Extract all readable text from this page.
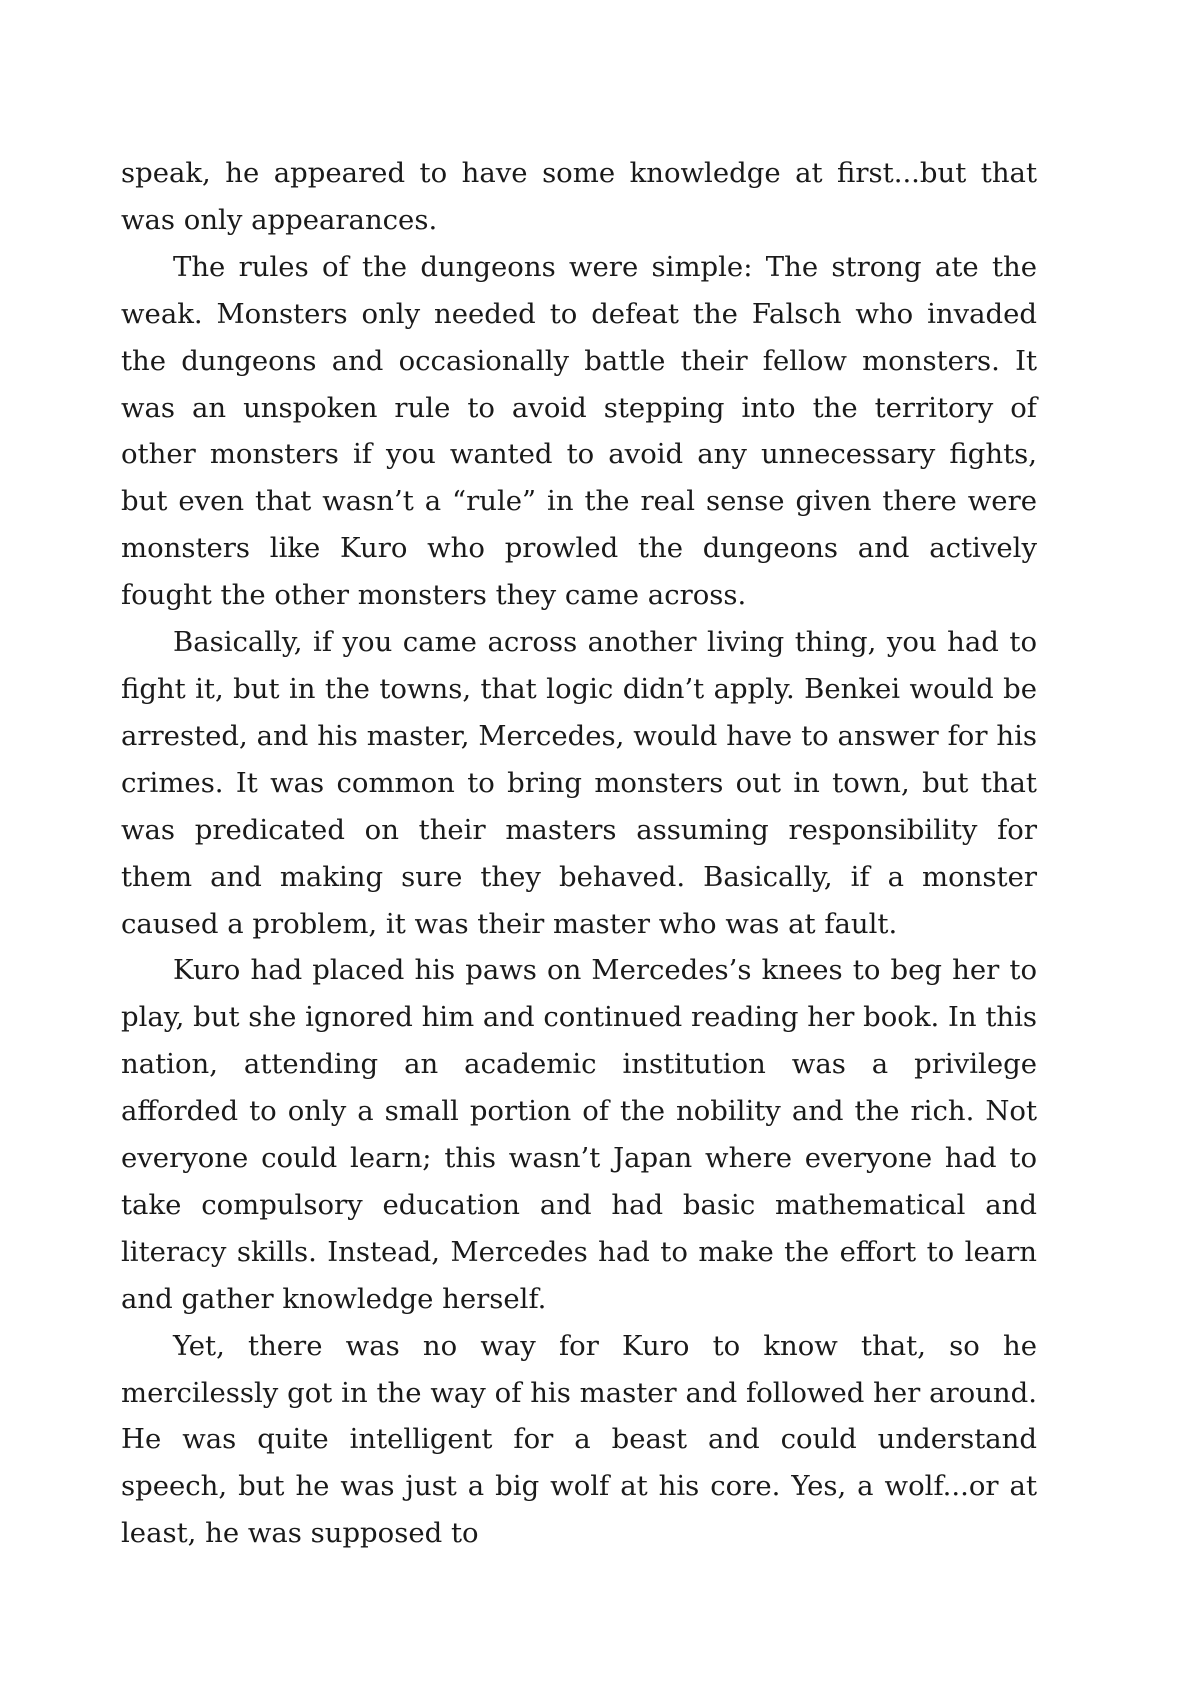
speak, he appeared to have some knowledge at first...but that was only appearances.

The rules of the dungeons were simple: The strong ate the weak. Monsters only needed to defeat the Falsch who invaded the dungeons and occasionally battle their fellow monsters. It was an unspoken rule to avoid stepping into the territory of other monsters if you wanted to avoid any unnecessary fights, but even that wasn’t a “rule” in the real sense given there were monsters like Kuro who prowled the dungeons and actively fought the other monsters they came across.

Basically, if you came across another living thing, you had to fight it, but in the towns, that logic didn’t apply. Benkei would be arrested, and his master, Mercedes, would have to answer for his crimes. It was common to bring monsters out in town, but that was predicated on their masters assuming responsibility for them and making sure they behaved. Basically, if a monster caused a problem, it was their master who was at fault.

Kuro had placed his paws on Mercedes’s knees to beg her to play, but she ignored him and continued reading her book. In this nation, attending an academic institution was a privilege afforded to only a small portion of the nobility and the rich. Not everyone could learn; this wasn’t Japan where everyone had to take compulsory education and had basic mathematical and literacy skills. Instead, Mercedes had to make the effort to learn and gather knowledge herself.

Yet, there was no way for Kuro to know that, so he mercilessly got in the way of his master and followed her around. He was quite intelligent for a beast and could understand speech, but he was just a big wolf at his core. Yes, a wolf...or at least, he was supposed to
